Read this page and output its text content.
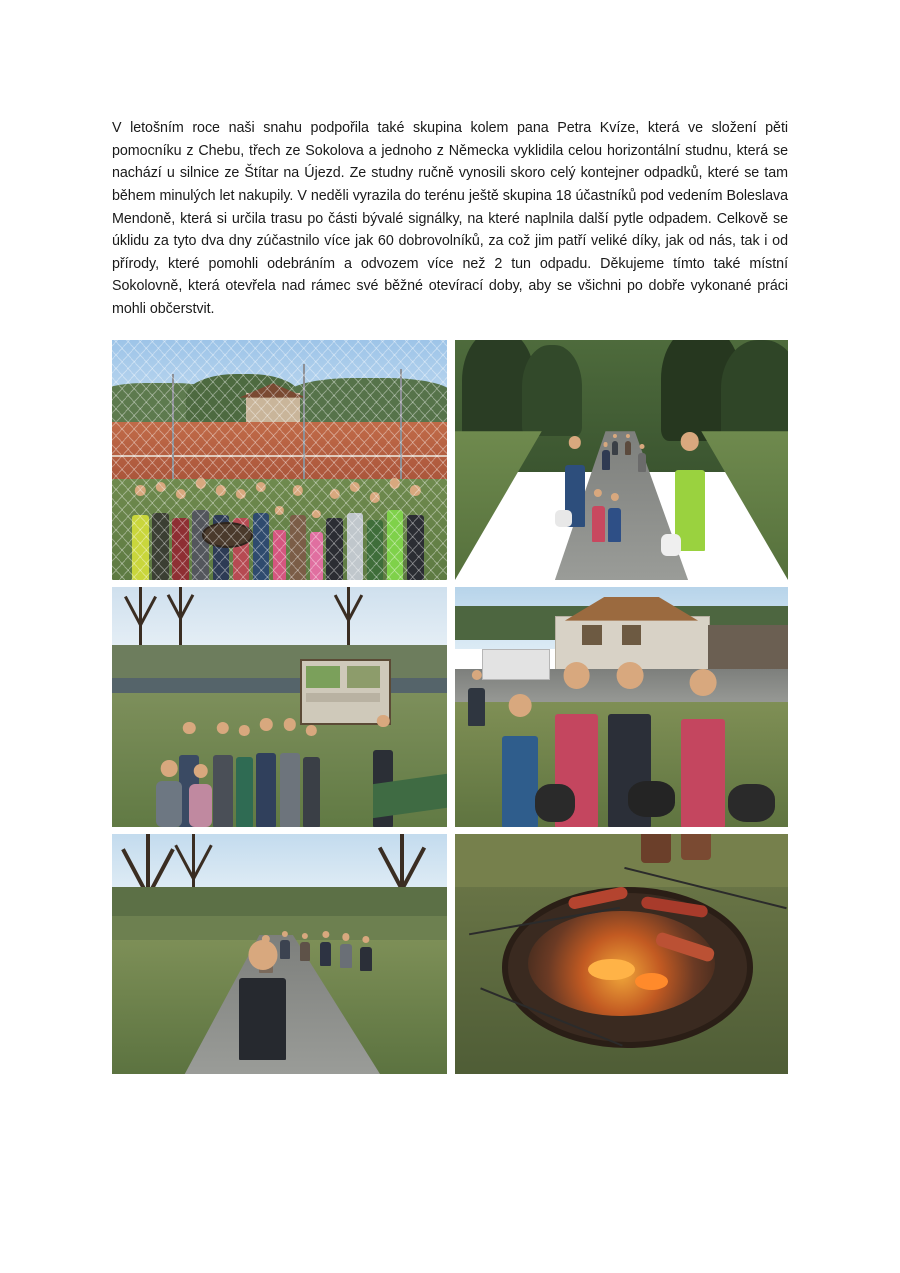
V letošním roce naši snahu podpořila také skupina kolem pana Petra Kvíze, která ve složení pěti pomocníku z Chebu, třech ze Sokolova a jednoho z Německa vyklidila celou horizontální studnu, která se nachází u silnice ze Štítar na Újezd. Ze studny ručně vynosili skoro celý kontejner odpadků, které se tam během minulých let nakupily. V neděli vyrazila do terénu ještě skupina 18 účastníků pod vedením Boleslava Mendoně, která si určila trasu po části bývalé signálky, na které naplnila další pytle odpadem. Celkově se úklidu za tyto dva dny zúčastnilo více jak 60 dobrovolníků, za což jim patří veliké díky, jak od nás, tak i od přírody, které pomohli odebráním a odvozem více než 2 tun odpadu. Děkujeme tímto také místní Sokolovně, která otevřela nad rámec své běžné otevírací doby, aby se všichni po dobře vykonané práci mohli občerstvit.
